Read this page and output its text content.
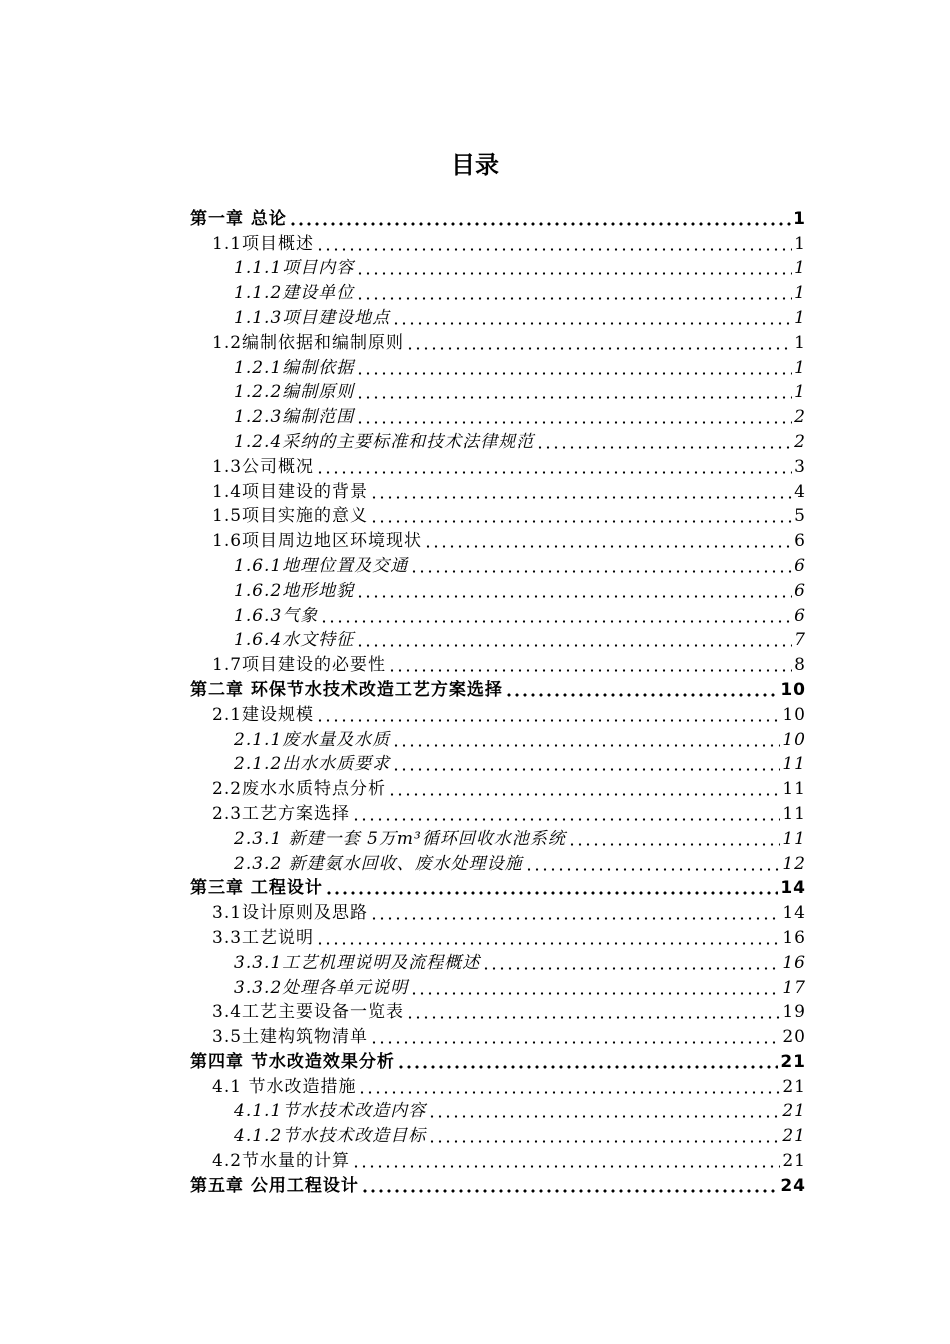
目录
第一章 总论	1
1.1项目概述	1
1.1.1项目内容	1
1.1.2建设单位	1
1.1.3项目建设地点	1
1.2编制依据和编制原则	1
1.2.1编制依据	1
1.2.2编制原则	1
1.2.3编制范围	2
1.2.4采纳的主要标准和技术法律规范	2
1.3公司概况	3
1.4项目建设的背景	4
1.5项目实施的意义	5
1.6项目周边地区环境现状	6
1.6.1地理位置及交通	6
1.6.2地形地貌	6
1.6.3气象	6
1.6.4水文特征	7
1.7项目建设的必要性	8
第二章 环保节水技术改造工艺方案选择	10
2.1建设规模	10
2.1.1废水量及水质	10
2.1.2出水水质要求	11
2.2废水水质特点分析	11
2.3工艺方案选择	11
2.3.1 新建一套 5万m³循环回收水池系统	11
2.3.2 新建氨水回收、废水处理设施	12
第三章 工程设计	14
3.1设计原则及思路	14
3.3工艺说明	16
3.3.1工艺机理说明及流程概述	16
3.3.2处理各单元说明	17
3.4工艺主要设备一览表	19
3.5土建构筑物清单	20
第四章 节水改造效果分析	21
4.1 节水改造措施	21
4.1.1节水技术改造内容	21
4.1.2节水技术改造目标	21
4.2节水量的计算	21
第五章 公用工程设计	24
